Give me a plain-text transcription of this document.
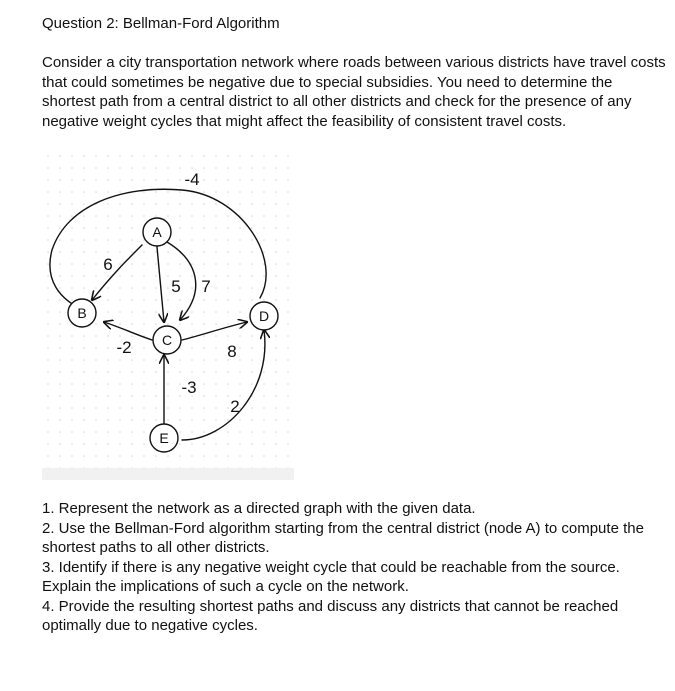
Question 2: Bellman-Ford Algorithm

Consider a city transportation network where roads between various districts have travel costs that could sometimes be negative due to special subsidies. You need to determine the shortest path from a central district to all other districts and check for the presence of any negative weight cycles that might affect the feasibility of consistent travel costs.

A
B
C
D
E
-4
6
5 7
-2	8
-3
2
1. Represent the network as a directed graph with the given data.
2. Use the Bellman-Ford algorithm starting from the central district (node A) to compute the shortest paths to all other districts.
3. Identify if there is any negative weight cycle that could be reachable from the source. Explain the implications of such a cycle on the network.
4. Provide the resulting shortest paths and discuss any districts that cannot be reached optimally due to negative cycles.
